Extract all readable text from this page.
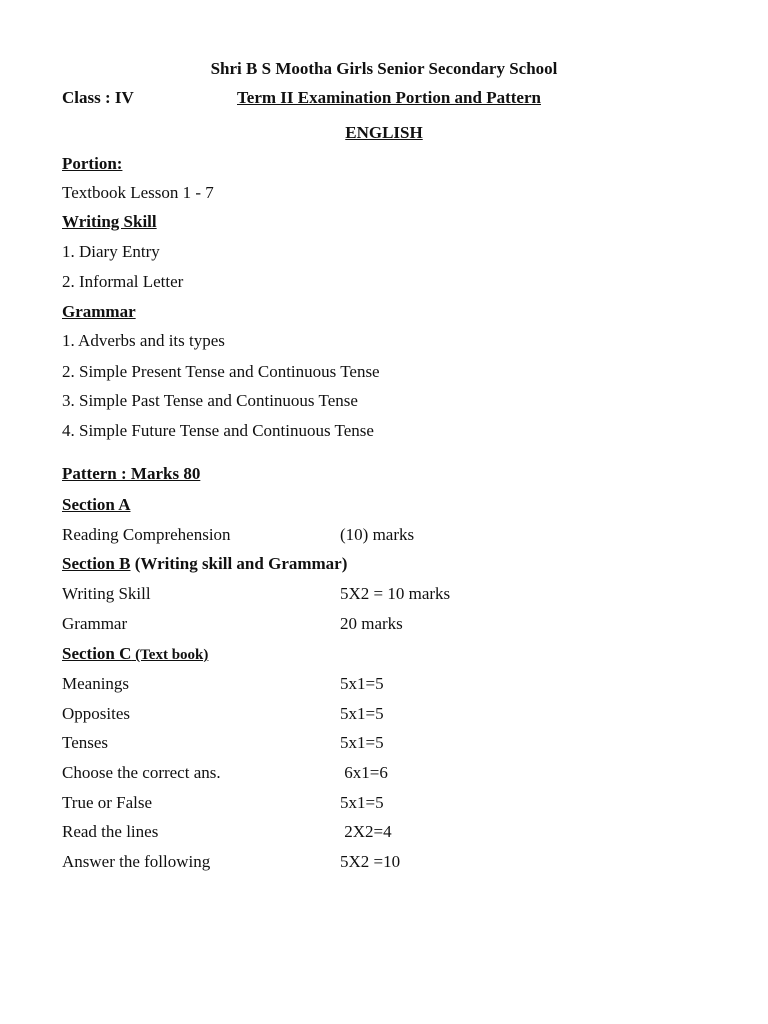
Shri B S Mootha Girls Senior Secondary School
Class : IV	Term II Examination Portion and Pattern
ENGLISH
Portion:
Textbook Lesson 1 - 7
Writing Skill
1. Diary Entry
2. Informal Letter
Grammar
1. Adverbs and its types
2. Simple Present Tense and Continuous Tense
3. Simple Past Tense and Continuous Tense
4. Simple Future Tense and Continuous Tense
Pattern : Marks 80
Section A
Reading Comprehension	(10) marks
Section B (Writing skill and Grammar)
Writing Skill	5X2 = 10 marks
Grammar	20 marks
Section C (Text book)
Meanings	5x1=5
Opposites	5x1=5
Tenses	5x1=5
Choose the correct ans.	6x1=6
True or False	5x1=5
Read the lines	2X2=4
Answer the following	5X2 =10
